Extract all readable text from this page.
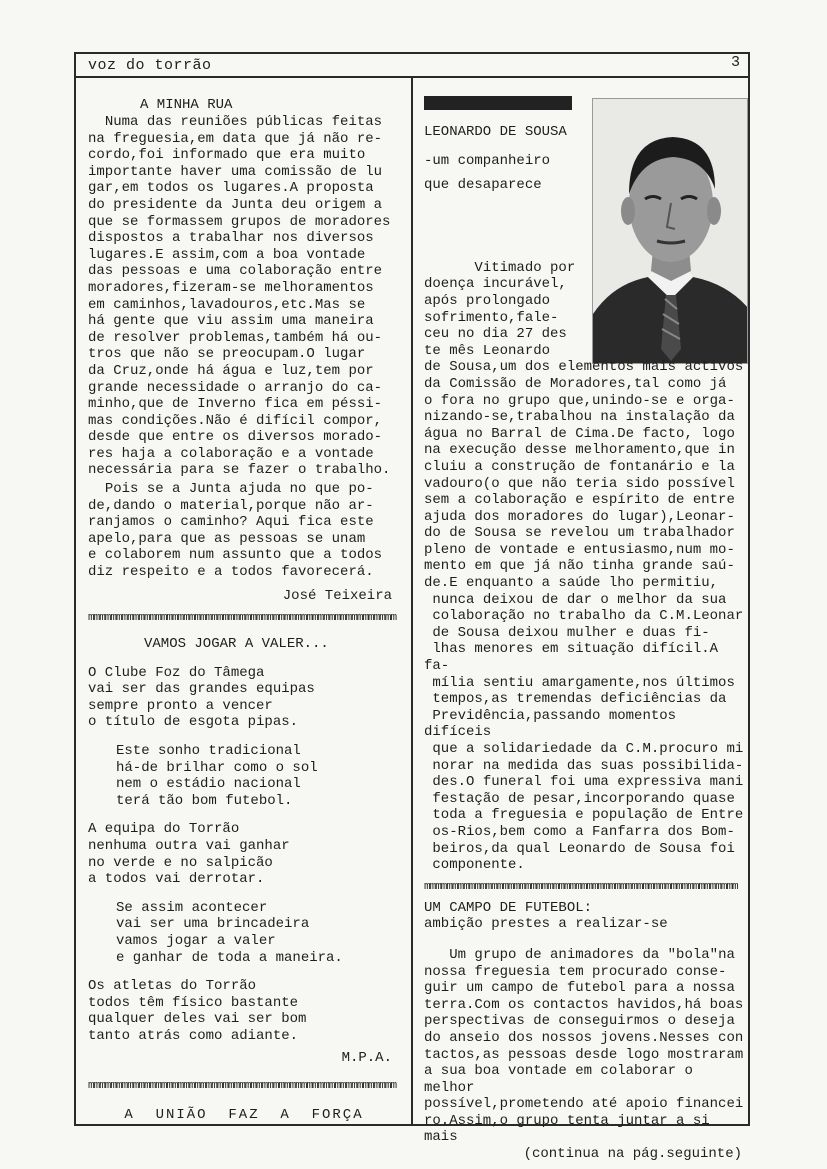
voz do torrão	3
A MINHA RUA

Numa das reuniões públicas feitas
na freguesia,em data que já não re-
cordo,foi informado que era muito
importante haver uma comissão de lu
gar,em todos os lugares.A proposta
do presidente da Junta deu origem a
que se formassem grupos de moradores
dispostos a trabalhar nos diversos
lugares.E assim,com a boa vontade
das pessoas e uma colaboração entre
moradores,fizeram-se melhoramentos
em caminhos,lavadouros,etc.Mas se
há gente que viu assim uma maneira
de resolver problemas,também há ou-
tros que não se preocupam.O lugar
da Cruz,onde há água e luz,tem por
grande necessidade o arranjo do ca-
minho,que de Inverno fica em péssi-
mas condições.Não é difícil compor,
desde que entre os diversos morado-
res haja a colaboração e a vontade
necessária para se fazer o trabalho.

Pois se a Junta ajuda no que po-
de,dando o material,porque não ar-
ranjamos o caminho? Aqui fica este
apelo,para que as pessoas se unam
e colaborem num assunto que a todos
diz respeito e a todos favorecerá.

José Teixeira
mmmmmmmmmmmmmmmmmmmmmmmmmmmmmmmmmmmmmmmmmmmmmmmmmmmmmmm
VAMOS JOGAR A VALER...
O Clube Foz do Tâmega
vai ser das grandes equipas
sempre pronto a vencer
o título de esgota pipas.
Este sonho tradicional
há-de brilhar como o sol
nem o estádio nacional
terá tão bom futebol.
A equipa do Torrão
nenhuma outra vai ganhar
no verde e no salpicão
a todos vai derrotar.
Se assim acontecer
vai ser uma brincadeira
vamos jogar a valer
e ganhar de toda a maneira.
Os atletas do Torrão
todos têm físico bastante
qualquer deles vai ser bom
tanto atrás como adiante.
M.P.A.
mmmmmmmmmmmmmmmmmmmmmmmmmmmmmmmmmmmmmmmmmmmmmmmmmmmmmmm
A  UNIÃO  FAZ  A  FORÇA
LEONARDO DE SOUSA
-um companheiro
que desaparece

Vitimado por
doença incurável,
após prolongado
sofrimento,fale-
ceu no dia 27 des
te mês Leonardo

de Sousa,um dos elementos mais activos
da Comissão de Moradores,tal como já
o fora no grupo que,unindo-se e orga-
nizando-se,trabalhou na instalação da
água no Barral de Cima.De facto, logo
na execução desse melhoramento,que in
cluiu a construção de fontanário e la
vadouro(o que não teria sido possível
sem a colaboração e espírito de entre
ajuda dos moradores do lugar),Leonar-
do de Sousa se revelou um trabalhador
pleno de vontade e entusiasmo,num mo-
mento em que já não tinha grande saú-
de.E enquanto a saúde lho permitiu,
nunca deixou de dar o melhor da sua
colaboração no trabalho da C.M.Leonar
de Sousa deixou mulher e duas fi-
lhas menores em situação difícil.A fa-
mília sentiu amargamente,nos últimos
tempos,as tremendas deficiências da
Previdência,passando momentos difíceis
que a solidariedade da C.M.procuro mi
norar na medida das suas possibilida-
des.O funeral foi uma expressiva mani
festação de pesar,incorporando quase
toda a freguesia e população de Entre
os-Rios,bem como a Fanfarra dos Bom-
beiros,da qual Leonardo de Sousa foi
componente.

mmmmmmmmmmmmmmmmmmmmmmmmmmmmmmmmmmmmmmmmmmmmmmmmmmmmmmmm
UM CAMPO DE FUTEBOL:
ambição prestes a realizar-se

Um grupo de animadores da "bola"na
nossa freguesia tem procurado conse-
guir um campo de futebol para a nossa
terra.Com os contactos havidos,há boas
perspectivas de conseguirmos o deseja
do anseio dos nossos jovens.Nesses con
tactos,as pessoas desde logo mostraram
a sua boa vontade em colaborar o melhor
possível,prometendo até apoio financei
ro.Assim,o grupo tenta juntar a si mais

(continua na pág.seguinte)
